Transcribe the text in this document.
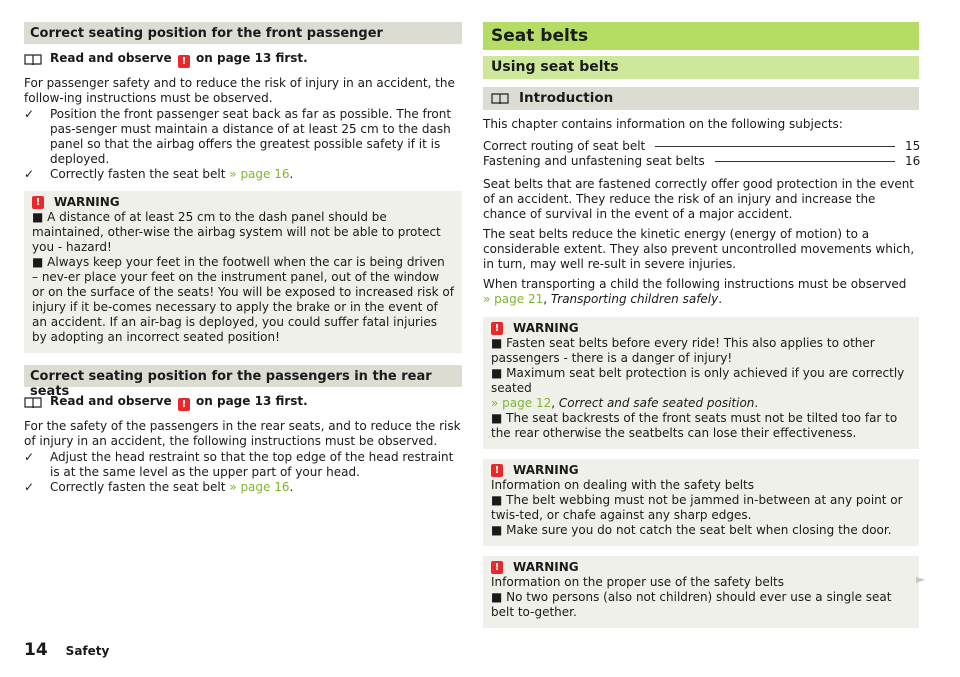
Correct seating position for the front passenger
Read and observe ! on page 13 first.

For passenger safety and to reduce the risk of injury in an accident, the follow-ing instructions must be observed.

✓	Position the front passenger seat back as far as possible. The front pas-senger must maintain a distance of at least 25 cm to the dash panel so that the airbag offers the greatest possible safety if it is deployed.
✓	Correctly fasten the seat belt » page 16.
!	WARNING
■ A distance of at least 25 cm to the dash panel should be maintained, other-wise the airbag system will not be able to protect you - hazard!
■ Always keep your feet in the footwell when the car is being driven – nev-er place your feet on the instrument panel, out of the window or on the surface of the seats! You will be exposed to increased risk of injury if it be-comes necessary to apply the brake or in the event of an accident. If an air-bag is deployed, you could suffer fatal injuries by adopting an incorrect seated position!
Correct seating position for the passengers in the rear seats
Read and observe ! on page 13 first.

For the safety of the passengers in the rear seats, and to reduce the risk of injury in an accident, the following instructions must be observed.

✓	Adjust the head restraint so that the top edge of the head restraint is at the same level as the upper part of your head.
✓	Correctly fasten the seat belt » page 16.
Seat belts
Using seat belts
Introduction

This chapter contains information on the following subjects:

Correct routing of seat belt	15
Fastening and unfastening seat belts	16

Seat belts that are fastened correctly offer good protection in the event of an accident. They reduce the risk of an injury and increase the chance of survival in the event of a major accident.

The seat belts reduce the kinetic energy (energy of motion) to a considerable extent. They also prevent uncontrolled movements which, in turn, may well re-sult in severe injuries.

When transporting a child the following instructions must be observed
» page 21, Transporting children safely.

!	WARNING
■ Fasten seat belts before every ride! This also applies to other passengers - there is a danger of injury!
■ Maximum seat belt protection is only achieved if you are correctly seated
» page 12, Correct and safe seated position.
■ The seat backrests of the front seats must not be tilted too far to the rear otherwise the seatbelts can lose their effectiveness.
!	WARNING
Information on dealing with the safety belts
■ The belt webbing must not be jammed in-between at any point or twis-ted, or chafe against any sharp edges.
■ Make sure you do not catch the seat belt when closing the door.
!	WARNING
Information on the proper use of the safety belts
■ No two persons (also not children) should ever use a single seat belt to-gether.
►
14 Safety
